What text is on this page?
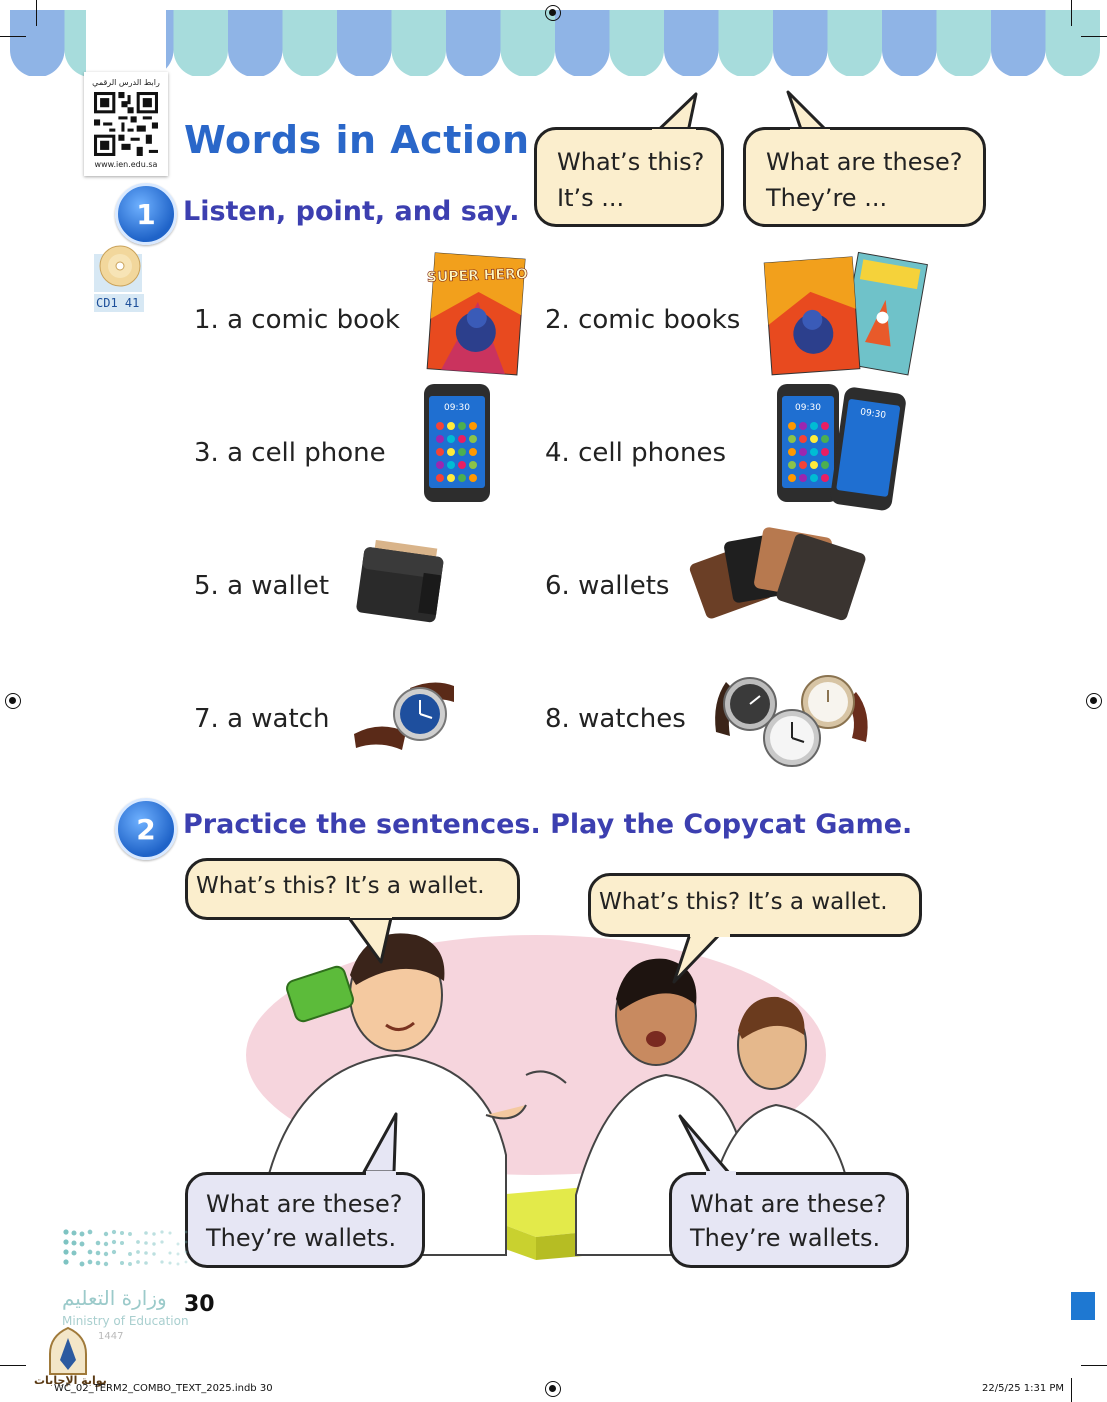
رابط الدرس الرقمي
www.ien.edu.sa
Words in Action What’s this?
It’s ...
What are these?
They’re ...
1	Listen, point, and say.
CD1 41
1. a comic book	2. comic books
3. a cell phone	4. cell phones
5. a wallet	6. wallets
7. a watch	8. watches
SUPER HERO
09:30	09:30	09:30
2	Practice the sentences. Play the Copycat Game.
What’s this? It’s a wallet.
What’s this? It’s a wallet.
What are these?
They’re wallets.
What are these?
They’re wallets.
وزارة التعليم
Ministry of Education
1447
30
بوابة الإجابات
WC_02_TERM2_COMBO_TEXT_2025.indb 30	22/5/25 1:31 PM
